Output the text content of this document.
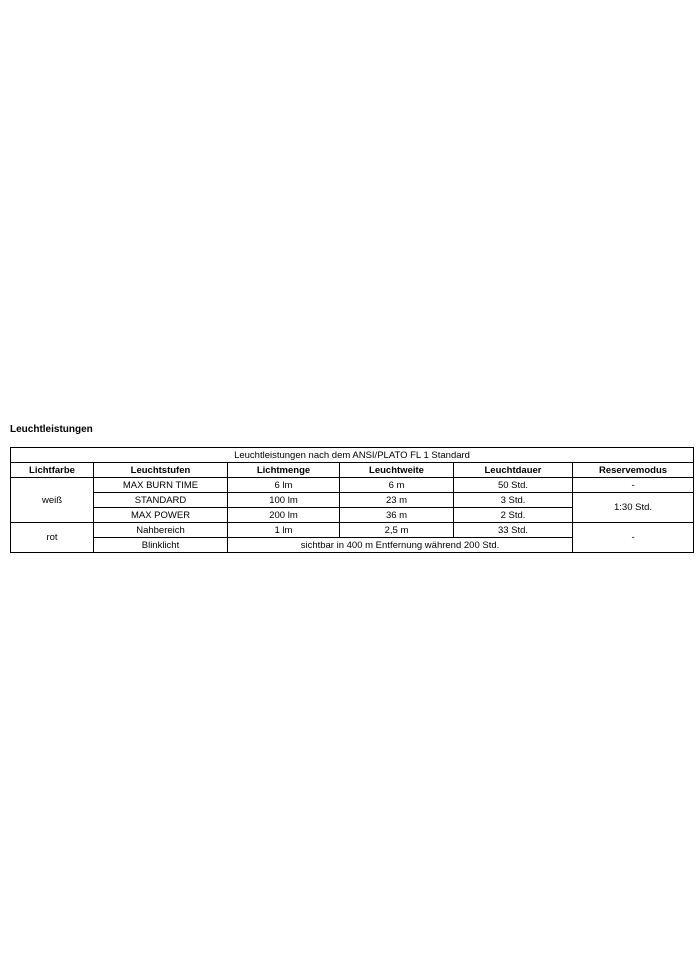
Leuchtleistungen
Leuchtleistungen nach dem ANSI/PLATO FL 1 Standard					
Lichtfarbe	Leuchtstufen	Lichtmenge	Leuchtweite	Leuchtdauer	Reservemodus
weiß	MAX BURN TIME	6 lm	6 m	50 Std.	-
	STANDARD	100 lm	23 m	3 Std.	1:30 Std.
	MAX POWER	200 lm	36 m	2 Std.	
rot	Nahbereich	1 lm	2,5 m	33 Std.	-
	Blinklicht	sichtbar in 400 m Entfernung während 200 Std.			
